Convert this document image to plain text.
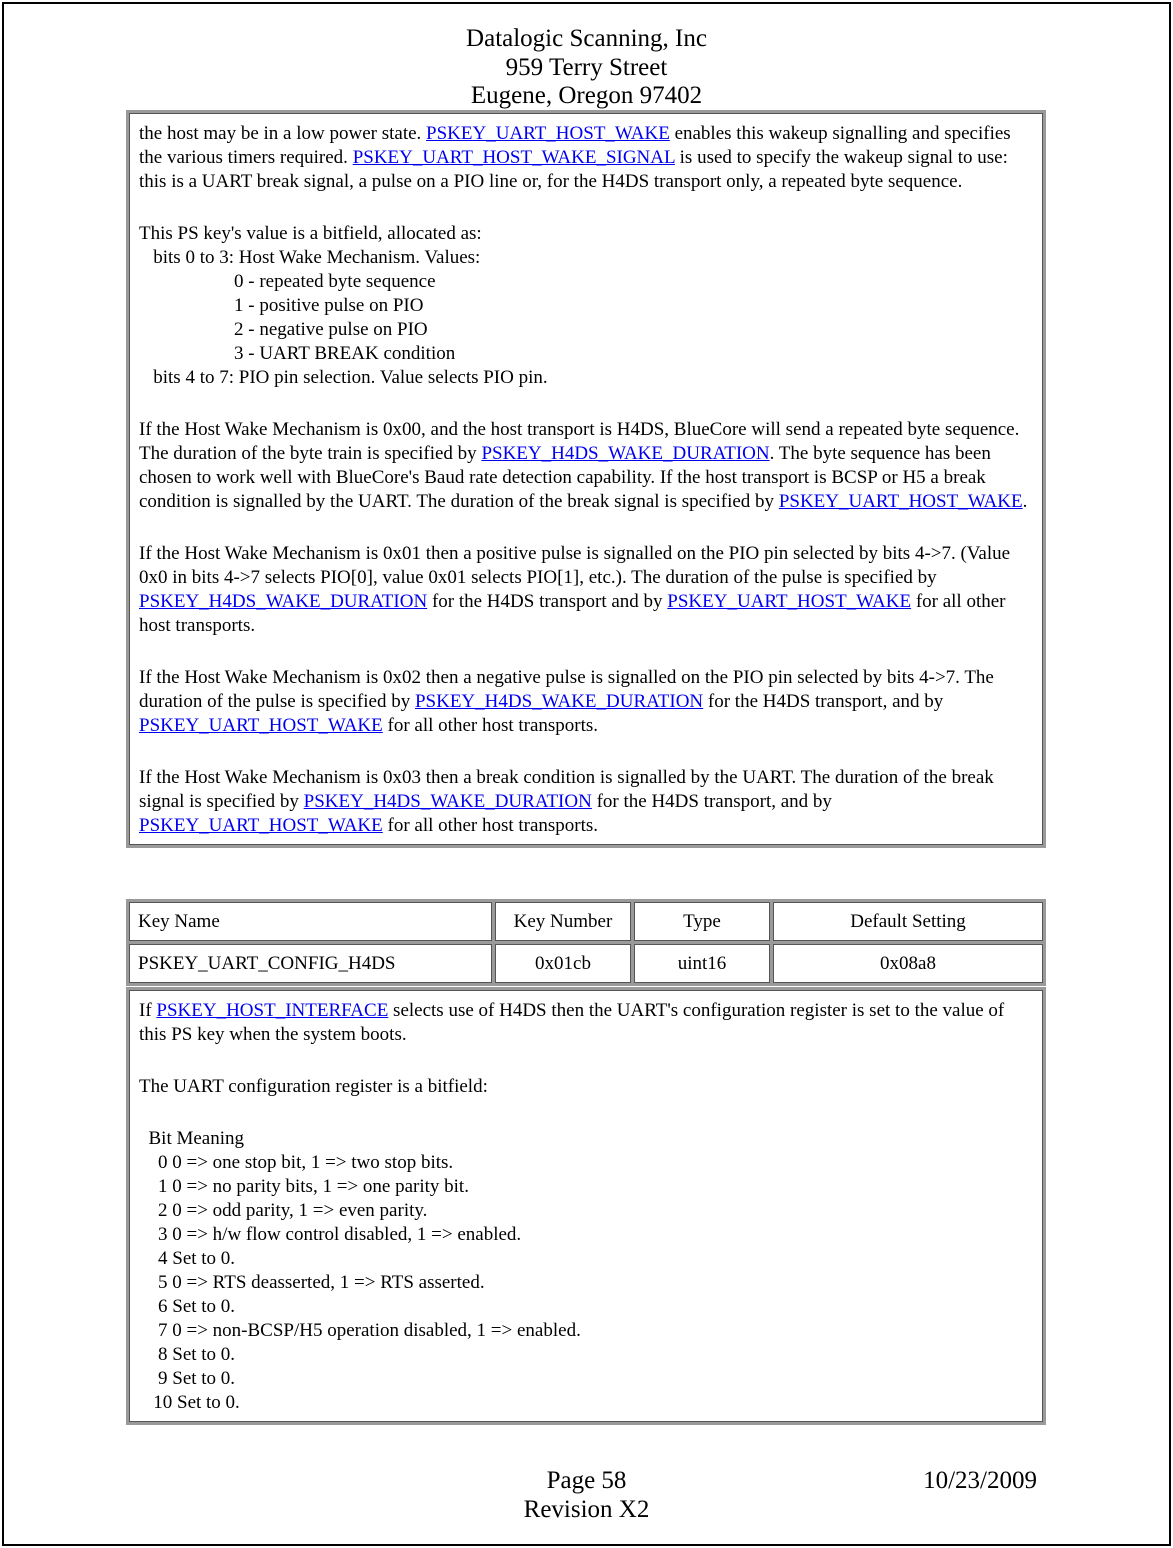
Datalogic Scanning, Inc
959 Terry Street
Eugene, Oregon 97402

the host may be in a low power state. PSKEY_UART_HOST_WAKE enables this wakeup signalling and specifies the various timers required. PSKEY_UART_HOST_WAKE_SIGNAL is used to specify the wakeup signal to use: this is a UART break signal, a pulse on a PIO line or, for the H4DS transport only, a repeated byte sequence.

This PS key's value is a bitfield, allocated as:
bits 0 to 3: Host Wake Mechanism. Values:
0 - repeated byte sequence
1 - positive pulse on PIO
2 - negative pulse on PIO
3 - UART BREAK condition
bits 4 to 7: PIO pin selection. Value selects PIO pin.

If the Host Wake Mechanism is 0x00, and the host transport is H4DS, BlueCore will send a repeated byte sequence. The duration of the byte train is specified by PSKEY_H4DS_WAKE_DURATION. The byte sequence has been chosen to work well with BlueCore's Baud rate detection capability. If the host transport is BCSP or H5 a break condition is signalled by the UART. The duration of the break signal is specified by PSKEY_UART_HOST_WAKE.

If the Host Wake Mechanism is 0x01 then a positive pulse is signalled on the PIO pin selected by bits 4->7. (Value 0x0 in bits 4->7 selects PIO[0], value 0x01 selects PIO[1], etc.). The duration of the pulse is specified by PSKEY_H4DS_WAKE_DURATION for the H4DS transport and by PSKEY_UART_HOST_WAKE for all other host transports.

If the Host Wake Mechanism is 0x02 then a negative pulse is signalled on the PIO pin selected by bits 4->7. The duration of the pulse is specified by PSKEY_H4DS_WAKE_DURATION for the H4DS transport, and by PSKEY_UART_HOST_WAKE for all other host transports.

If the Host Wake Mechanism is 0x03 then a break condition is signalled by the UART. The duration of the break signal is specified by PSKEY_H4DS_WAKE_DURATION for the H4DS transport, and by PSKEY_UART_HOST_WAKE for all other host transports.

Key Name	Key Number	Type	Default Setting
PSKEY_UART_CONFIG_H4DS	0x01cb	uint16	0x08a8

If PSKEY_HOST_INTERFACE selects use of H4DS then the UART's configuration register is set to the value of this PS key when the system boots.

The UART configuration register is a bitfield:

Bit Meaning
0 0 => one stop bit, 1 => two stop bits.
1 0 => no parity bits, 1 => one parity bit.
2 0 => odd parity, 1 => even parity.
3 0 => h/w flow control disabled, 1 => enabled.
4 Set to 0.
5 0 => RTS deasserted, 1 => RTS asserted.
6 Set to 0.
7 0 => non-BCSP/H5 operation disabled, 1 => enabled.
8 Set to 0.
9 Set to 0.
10 Set to 0.
Page 58
Revision X2
10/23/2009
